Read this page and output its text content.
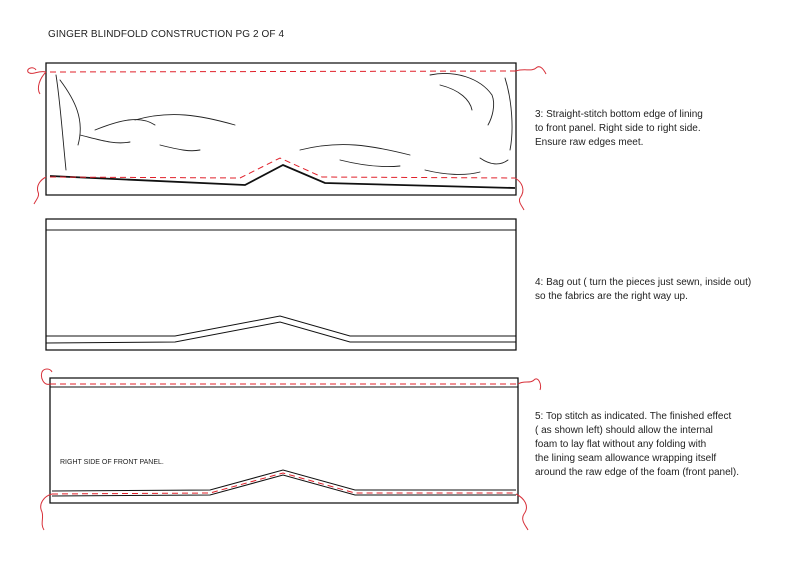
GINGER BLINDFOLD CONSTRUCTION PG 2 OF 4
3: Straight-stitch bottom edge of lining
to front panel. Right side to right side.
Ensure raw edges meet.
4: Bag out ( turn the pieces just sewn, inside out)
so the fabrics are the right way up.
5: Top stitch as indicated. The finished effect
( as shown left) should allow the internal
foam to lay flat without any folding with
the lining seam allowance wrapping itself
around the raw edge of the foam (front panel).
RIGHT SIDE OF FRONT PANEL.
